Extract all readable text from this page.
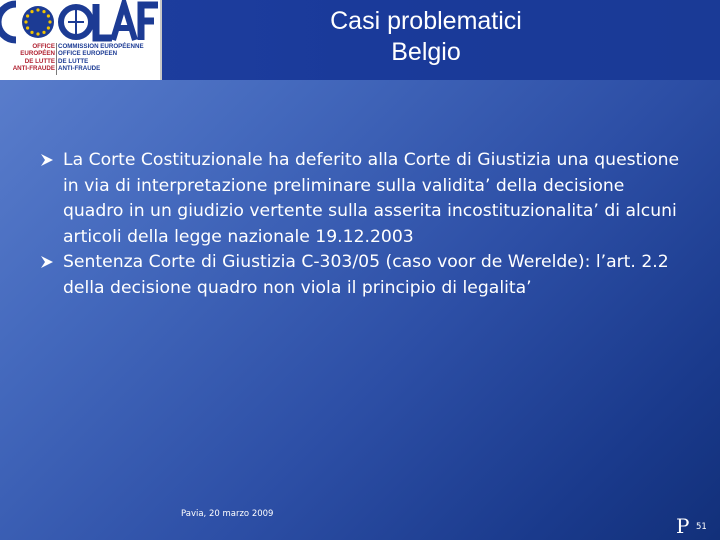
OFFICE
EUROPÉEN
DE LUTTE
ANTI-FRAUDE
COMMISSION EUROPÉENNE
OFFICE EUROPEEN
DE LUTTE
ANTI-FRAUDE
Casi problematici
Belgio
La Corte Costituzionale ha deferito alla Corte di Giustizia una questione in via di interpretazione preliminare sulla validita’ della decisione quadro in un giudizio vertente sulla asserita incostituzionalita’ di alcuni articoli della legge nazionale 19.12.2003
Sentenza Corte di Giustizia C-303/05 (caso voor de Werelde): l’art. 2.2 della decisione quadro non viola il principio di legalita’
Pavia, 20 marzo 2009	P 51
